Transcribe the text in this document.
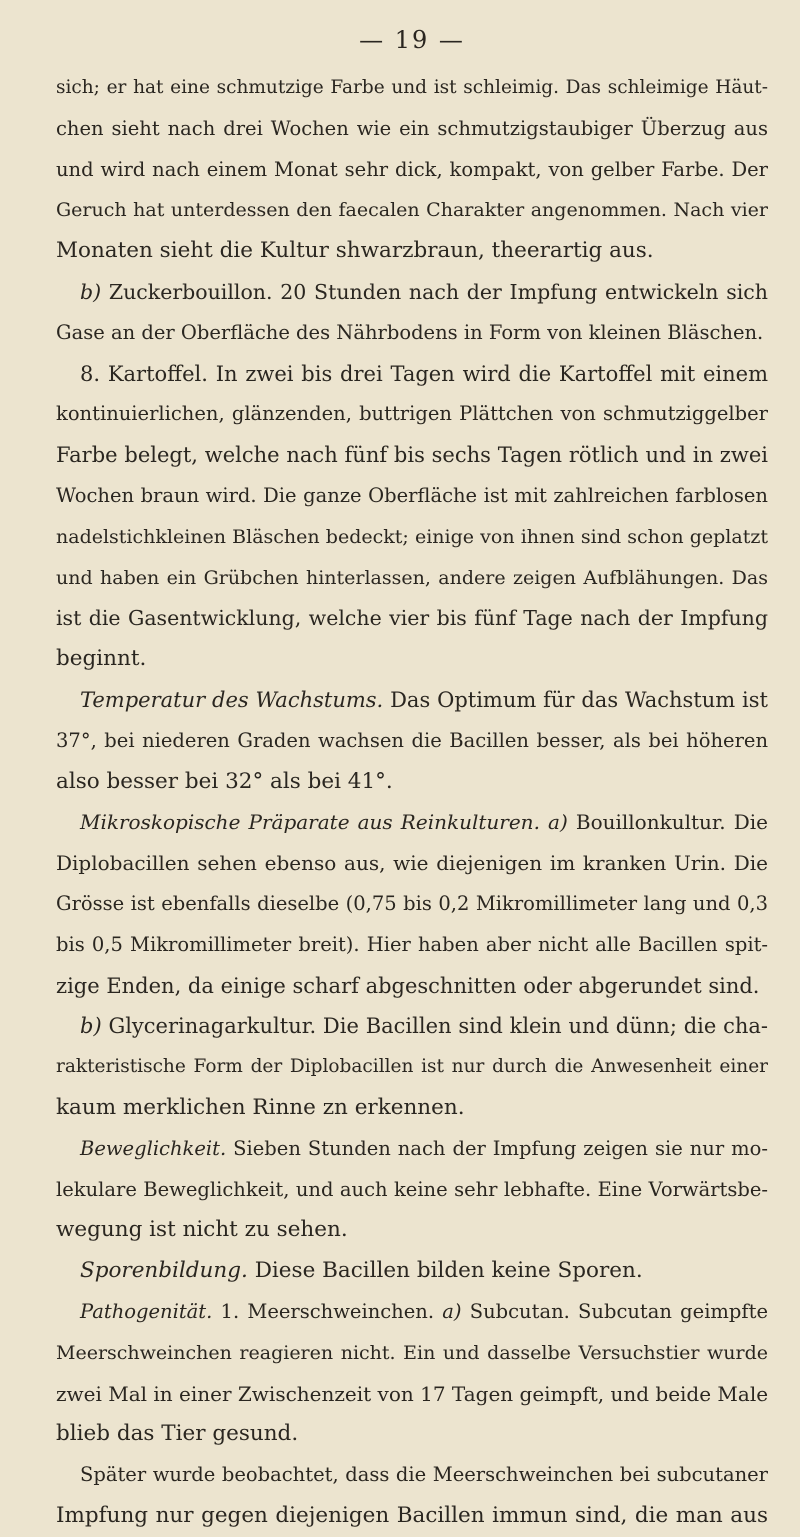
— 19 —
sich; er hat eine schmutzige Farbe und ist schleimig. Das schleimige Häut-
chen sieht nach drei Wochen wie ein schmutzigstaubiger Überzug aus
und wird nach einem Monat sehr dick, kompakt, von gelber Farbe. Der
Geruch hat unterdessen den faecalen Charakter angenommen. Nach vier
Monaten sieht die Kultur shwarzbraun, theerartig aus.
b) Zuckerbouillon. 20 Stunden nach der Impfung entwickeln sich
Gase an der Oberfläche des Nährbodens in Form von kleinen Bläschen.
8. Kartoffel. In zwei bis drei Tagen wird die Kartoffel mit einem
kontinuierlichen, glänzenden, buttrigen Plättchen von schmutziggelber
Farbe belegt, welche nach fünf bis sechs Tagen rötlich und in zwei
Wochen braun wird. Die ganze Oberfläche ist mit zahlreichen farblosen
nadelstichkleinen Bläschen bedeckt; einige von ihnen sind schon geplatzt
und haben ein Grübchen hinterlassen, andere zeigen Aufblähungen. Das
ist die Gasentwicklung, welche vier bis fünf Tage nach der Impfung
beginnt.
Temperatur des Wachstums. Das Optimum für das Wachstum ist
37°, bei niederen Graden wachsen die Bacillen besser, als bei höheren
also besser bei 32° als bei 41°.
Mikroskopische Präparate aus Reinkulturen. a) Bouillonkultur. Die
Diplobacillen sehen ebenso aus, wie diejenigen im kranken Urin. Die
Grösse ist ebenfalls dieselbe (0,75 bis 0,2 Mikromillimeter lang und 0,3
bis 0,5 Mikromillimeter breit). Hier haben aber nicht alle Bacillen spit-
zige Enden, da einige scharf abgeschnitten oder abgerundet sind.
b) Glycerinagarkultur. Die Bacillen sind klein und dünn; die cha-
rakteristische Form der Diplobacillen ist nur durch die Anwesenheit einer
kaum merklichen Rinne zn erkennen.
Beweglichkeit. Sieben Stunden nach der Impfung zeigen sie nur mo-
lekulare Beweglichkeit, und auch keine sehr lebhafte. Eine Vorwärtsbe-
wegung ist nicht zu sehen.
Sporenbildung. Diese Bacillen bilden keine Sporen.
Pathogenität. 1. Meerschweinchen. a) Subcutan. Subcutan geimpfte
Meerschweinchen reagieren nicht. Ein und dasselbe Versuchstier wurde
zwei Mal in einer Zwischenzeit von 17 Tagen geimpft, und beide Male
blieb das Tier gesund.
Später wurde beobachtet, dass die Meerschweinchen bei subcutaner
Impfung nur gegen diejenigen Bacillen immun sind, die man aus
